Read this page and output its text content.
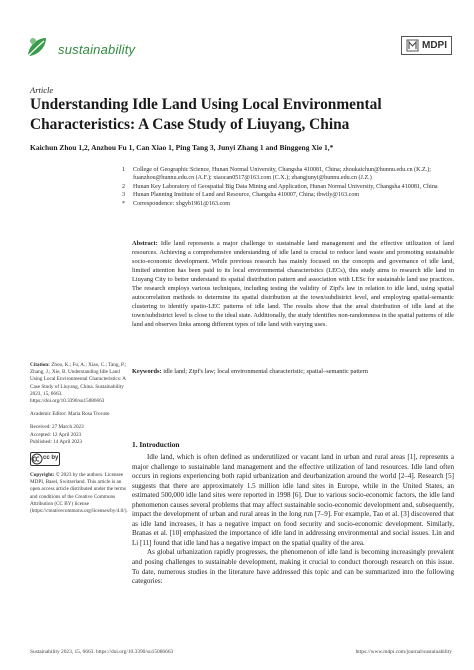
sustainability	MDPI
Article
Understanding Idle Land Using Local Environmental Characteristics: A Case Study of Liuyang, China
Kaichun Zhou 1,2, Anzhou Fu 1, Can Xiao 1, Ping Tang 3, Junyi Zhang 1 and Binggeng Xie 1,*
1	College of Geographic Science, Hunan Normal University, Changsha 410081, China; zhoukaichun@hunnu.edu.cn (K.Z.); fuanzhou@hunnu.edu.cn (A.F.); xiaocan0517@163.com (C.X.); zhangjunyi@hunnu.edu.cn (J.Z.)
2	Hunan Key Laboratory of Geospatial Big Data Mining and Application, Hunan Normal University, Changsha 410081, China
3	Hunan Planning Institute of Land and Resource, Changsha 410007, China; tbwily@163.com
*	Correspondence: xbgyb1961@163.com
Abstract: Idle land represents a major challenge to sustainable land management and the effective utilization of land resources. Achieving a comprehensive understanding of idle land is crucial to reduce land waste and promoting sustainable socio-economic development. While previous research has mainly focused on the concepts and governance of idle land, limited attention has been paid to its local environmental characteristics (LECs), this study aims to research idle land in Liuyang City to better understand its spatial distribution pattern and association with LESc for sustainable land use practices. The research employs various techniques, including testing the validity of Zipf's law in relation to idle land, using spatial autocorrelation methods to determine its spatial distribution at the town/subdistrict level, and employing spatial-semantic clustering to identify spatio-LEC patterns of idle land. The results show that the areal distribution of idle land at the town/subdistrict level is close to the ideal state. Additionally, the study identifies non-randomness in the spatial patterns of idle land and observes links among different types of idle land with varying uses.
Keywords: idle land; Zipf's law; local environmental characteristic; spatial–semantic pattern
Citation: Zhou, K.; Fu, A.; Xiao, C.; Tang, P.; Zhang, J.; Xie, B. Understanding Idle Land Using Local Environmental Characteristics: A Case Study of Liuyang, China. Sustainability 2023, 15, 6663. https://doi.org/10.3390/su15086663
Academic Editor: Maria Rosa Trovato
Received: 27 March 2023
Accepted: 12 April 2023
Published: 14 April 2023
cc by
Copyright: © 2023 by the authors. Licensee MDPI, Basel, Switzerland. This article is an open access article distributed under the terms and conditions of the Creative Commons Attribution (CC BY) license (https://creativecommons.org/licenses/by/4.0/).
1. Introduction

Idle land, which is often defined as underutilized or vacant land in urban and rural areas [1], represents a major challenge to sustainable land management and the effective utilization of land resources. Idle land often occurs in regions experiencing both rapid urbanization and deurbanization around the world [2–4]. Research [5] suggests that there are approximately 1.5 million idle land sites in Europe, while in the United States, an estimated 500,000 idle land sites were reported in 1998 [6]. Due to various socio-economic factors, the idle land phenomenon causes several problems that may affect sustainable socio-economic development and, subsequently, impact the development of urban and rural areas in the long run [7–9]. For example, Tao et al. [3] discovered that as idle land increases, it has a negative impact on food security and socio-economic development. Similarly, Branas et al. [10] emphasized the importance of idle land in addressing environmental and social issues. Lin and Li [11] found that idle land has a negative impact on the spatial quality of the area.

As global urbanization rapidly progresses, the phenomenon of idle land is becoming increasingly prevalent and posing challenges to sustainable development, making it crucial to conduct thorough research on this issue. To date, numerous studies in the literature have addressed this topic and can be summarized into the following categories:

Sustainability 2023, 15, 6663. https://doi.org/10.3390/su15086663	https://www.mdpi.com/journal/sustainability
